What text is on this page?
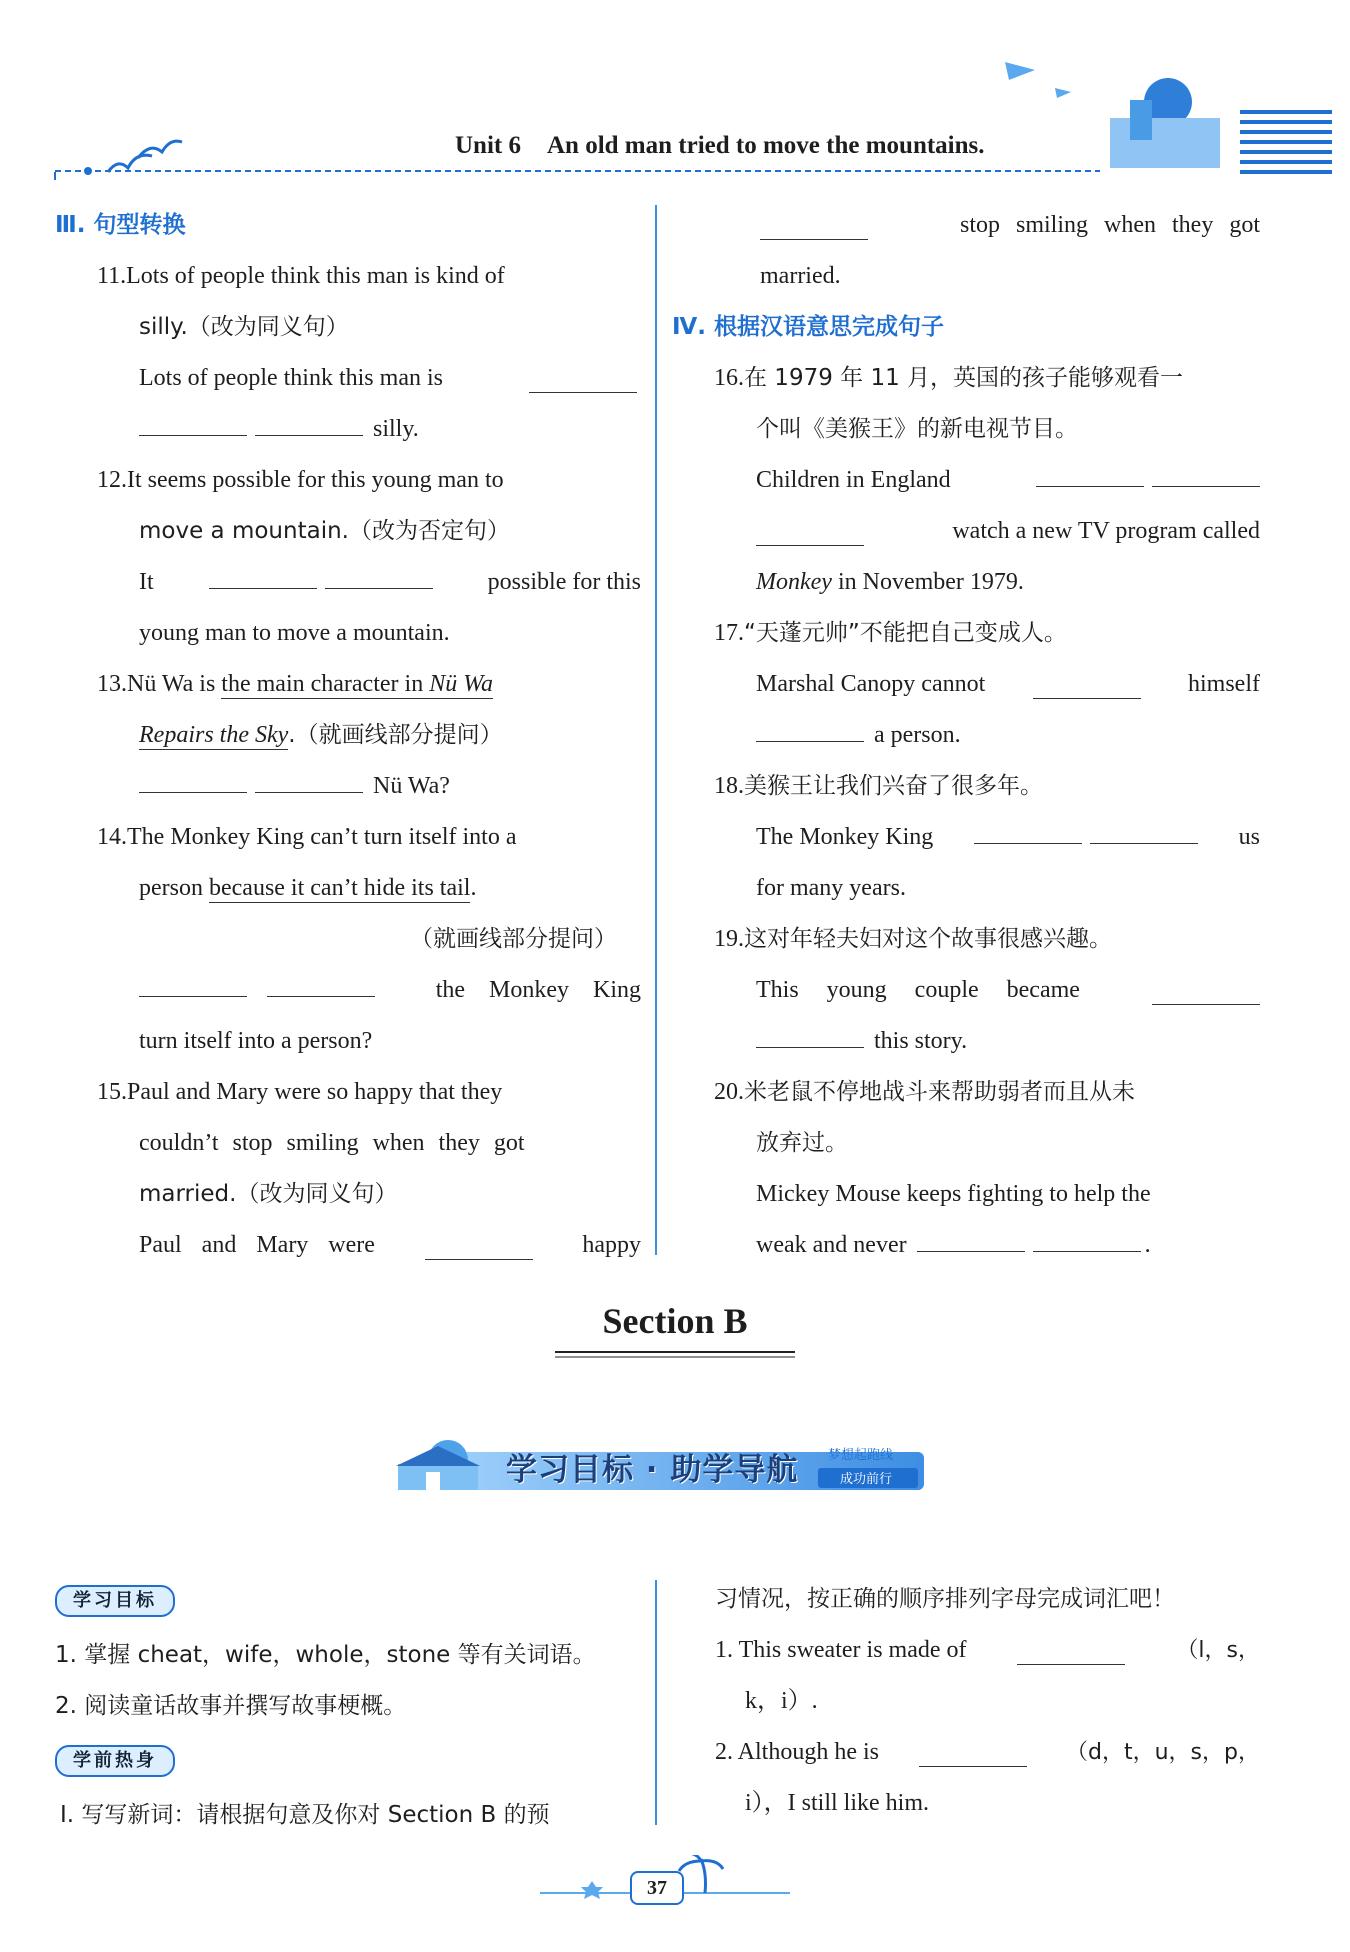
Unit 6 An old man tried to move the mountains.
Ⅲ. 句型转换
11.Lots of people think this man is kind of
silly.（改为同义句）
Lots of people think this man is
silly.
12.It seems possible for this young man to
move a mountain.（改为否定句）
It	possible for this
young man to move a mountain.
13.Nü Wa is the main character in Nü Wa
Repairs the Sky.（就画线部分提问）
Nü Wa?
14.The Monkey King can’t turn itself into a
person because it can’t hide its tail.
（就画线部分提问）
the Monkey King
turn itself into a person?
15.Paul and Mary were so happy that they
couldn’t stop smiling when they got
married.（改为同义句）
Paul and Mary were	happy
stop smiling when they got
married.
Ⅳ. 根据汉语意思完成句子
16.在 1979 年 11 月，英国的孩子能够观看一
个叫《美猴王》的新电视节目。
Children in England
watch a new TV program called
Monkey in November 1979.
17.“天蓬元帅”不能把自己变成人。
Marshal Canopy cannot	himself
a person.
18.美猴王让我们兴奋了很多年。
The Monkey King	us
for many years.
19.这对年轻夫妇对这个故事很感兴趣。
This young couple became
this story.
20.米老鼠不停地战斗来帮助弱者而且从未
放弃过。
Mickey Mouse keeps fighting to help the
weak and never	.
Section B
学习目标 · 助学导航 梦想起跑线
成功前行
学习目标
1. 掌握 cheat，wife，whole，stone 等有关词语。
2. 阅读童话故事并撰写故事梗概。
学前热身
Ⅰ. 写写新词：请根据句意及你对 Section B 的预
习情况，按正确的顺序排列字母完成词汇吧！
1. This sweater is made of	（l，s，
k，i）.
2. Although he is	（d，t，u，s，p，
i），I still like him.
37
